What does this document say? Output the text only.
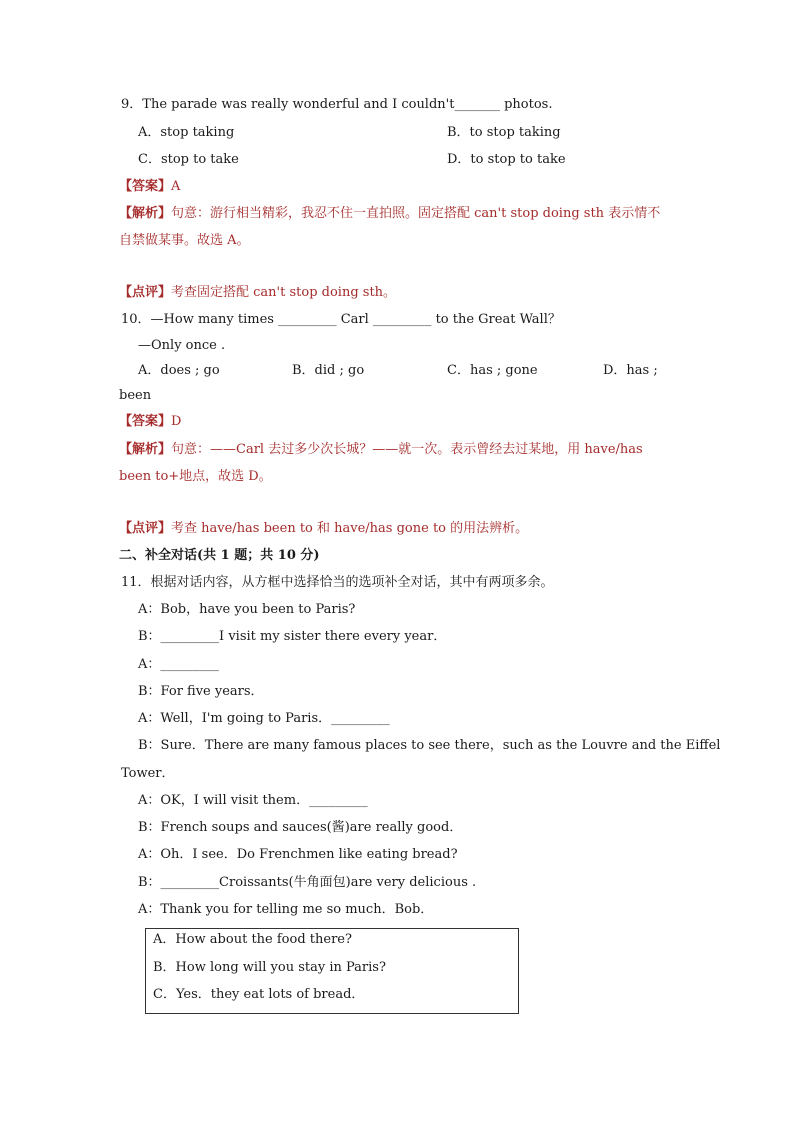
9．The parade was really wonderful and I couldn't_______ photos.
A．stop taking	B．to stop taking
C．stop to take	D．to stop to take
【答案】A
【解析】句意：游行相当精彩，我忍不住一直拍照。固定搭配 can't stop doing sth 表示情不
自禁做某事。故选 A。
【点评】考查固定搭配 can't stop doing sth。
10．—How many times _________ Carl _________ to the Great Wall？
—Only once .
A．does ; go	B．did ; go	C．has ; gone	D．has ;
been
【答案】D
【解析】句意：——Carl 去过多少次长城？——就一次。表示曾经去过某地，用 have/has
been to+地点，故选 D。
【点评】考查 have/has been to 和 have/has gone to 的用法辨析。
二、补全对话(共 1 题；共 10 分)
11．根据对话内容，从方框中选择恰当的选项补全对话，其中有两项多余。
A：Bob，have you been to Paris?
B：_________I visit my sister there every year．
A：_________
B：For five years．
A：Well，I'm going to Paris．_________
B：Sure．There are many famous places to see there，such as the Louvre and the Eiffel
Tower．
A：OK，I will visit them．_________
B：French soups and sauces(酱)are really good．
A：Oh．I see．Do Frenchmen like eating bread?
B：_________Croissants(牛角面包)are very delicious .
A：Thank you for telling me so much．Bob．
A．How about the food there?
B．How long will you stay in Paris?
C．Yes．they eat lots of bread．
